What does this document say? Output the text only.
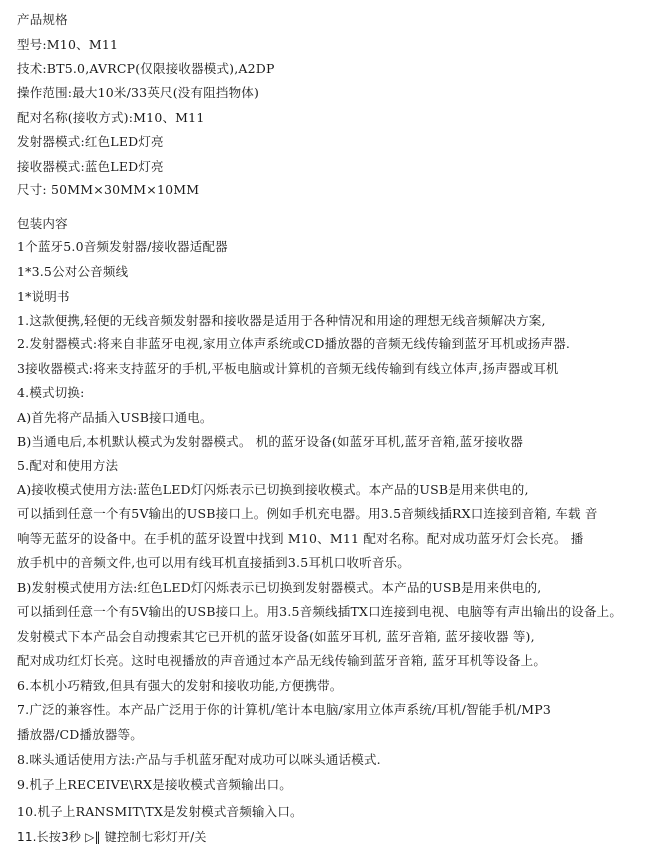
产品规格
型号:M10、M11
技术:BT5.0,AVRCP(仅限接收器模式),A2DP
操作范围:最大10米/33英尺(没有阻挡物体)
配对名称(接收方式):M10、M11
发射器模式:红色LED灯亮
接收器模式:蓝色LED灯亮
尺寸: 50MM×30MM×10MM
包装内容
1个蓝牙5.0音频发射器/接收器适配器
1*3.5公对公音频线
1*说明书
1.这款便携,轻便的无线音频发射器和接收器是适用于各种情况和用途的理想无线音频解决方案,
2.发射器模式:将来自非蓝牙电视,家用立体声系统或CD播放器的音频无线传输到蓝牙耳机或扬声器.
3接收器模式:将来支持蓝牙的手机,平板电脑或计算机的音频无线传输到有线立体声,扬声器或耳机
4.模式切换:
A)首先将产品插入USB接口通电。
B)当通电后,本机默认模式为发射器模式。 机的蓝牙设备(如蓝牙耳机,蓝牙音箱,蓝牙接收器
5.配对和使用方法
A)接收模式使用方法:蓝色LED灯闪烁表示已切换到接收模式。本产品的USB是用来供电的,
可以插到任意一个有5V输出的USB接口上。例如手机充电器。用3.5音频线插RX口连接到音箱, 车载 音
响等无蓝牙的设备中。在手机的蓝牙设置中找到 M10、M11 配对名称。配对成功蓝牙灯会长亮。 播
放手机中的音频文件,也可以用有线耳机直接插到3.5耳机口收听音乐。
B)发射模式使用方法:红色LED灯闪烁表示已切换到发射器模式。本产品的USB是用来供电的,
可以插到任意一个有5V输出的USB接口上。用3.5音频线插TX口连接到电视、电脑等有声出输出的设备上。
发射模式下本产品会自动搜索其它已开机的蓝牙设备(如蓝牙耳机, 蓝牙音箱, 蓝牙接收器 等),
配对成功红灯长亮。这时电视播放的声音通过本产品无线传输到蓝牙音箱, 蓝牙耳机等设备上。
6.本机小巧精致,但具有强大的发射和接收功能,方便携带。
7.广泛的兼容性。本产品广泛用于你的计算机/笔计本电脑/家用立体声系统/耳机/智能手机/MP3
播放器/CD播放器等。
8.咪头通话使用方法:产品与手机蓝牙配对成功可以咪头通话模式.
9.机子上RECEIVE\RX是接收模式音频输出口。
10.机子上RANSMIT\TX是发射模式音频输入口。
11.长按3秒 ▷‖ 键控制七彩灯开/关
